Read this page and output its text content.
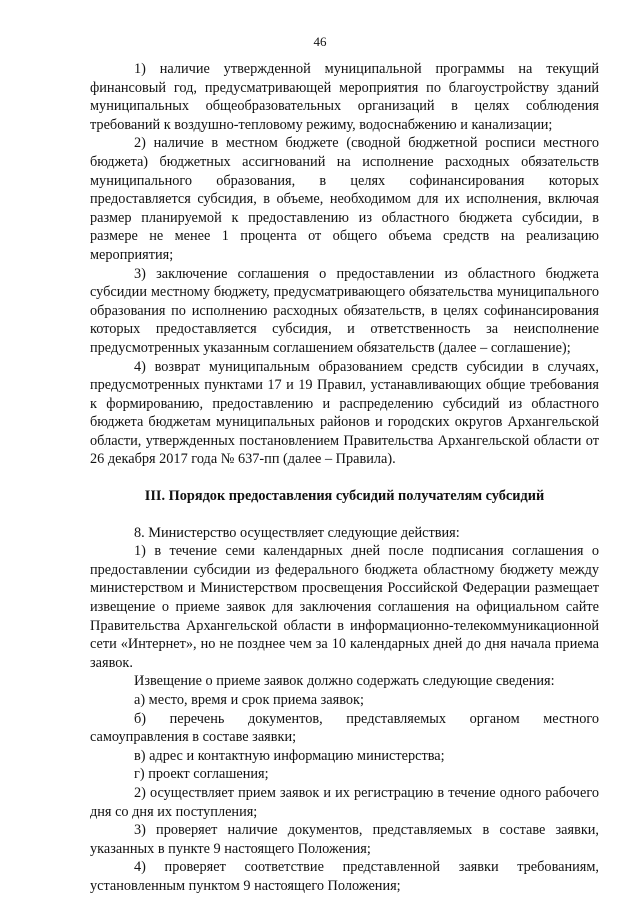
46

1) наличие утвержденной муниципальной программы на текущий финансовый год, предусматривающей мероприятия по благоустройству зданий муниципальных общеобразовательных организаций в целях соблюдения требований к воздушно-тепловому режиму, водоснабжению и канализации;

2) наличие в местном бюджете (сводной бюджетной росписи местного бюджета) бюджетных ассигнований на исполнение расходных обязательств муниципального образования, в целях софинансирования которых предоставляется субсидия, в объеме, необходимом для их исполнения, включая размер планируемой к предоставлению из областного бюджета субсидии, в размере не менее 1 процента от общего объема средств на реализацию мероприятия;

3) заключение соглашения о предоставлении из областного бюджета субсидии местному бюджету, предусматривающего обязательства муниципального образования по исполнению расходных обязательств, в целях софинансирования которых предоставляется субсидия, и ответственность за неисполнение предусмотренных указанным соглашением обязательств (далее – соглашение);

4) возврат муниципальным образованием средств субсидии в случаях, предусмотренных пунктами 17 и 19 Правил, устанавливающих общие требования к формированию, предоставлению и распределению субсидий из областного бюджета бюджетам муниципальных районов и городских округов Архангельской области, утвержденных постановлением Правительства Архангельской области от 26 декабря 2017 года № 637-пп (далее – Правила).

III. Порядок предоставления субсидий получателям субсидий

8. Министерство осуществляет следующие действия:

1) в течение семи календарных дней после подписания соглашения о предоставлении субсидии из федерального бюджета областному бюджету между министерством и Министерством просвещения Российской Федерации размещает извещение о приеме заявок для заключения соглашения на официальном сайте Правительства Архангельской области в информационно-телекоммуникационной сети «Интернет», но не позднее чем за 10 календарных дней до дня начала приема заявок.

Извещение о приеме заявок должно содержать следующие сведения:

а) место, время и срок приема заявок;

б) перечень документов, представляемых органом местного самоуправления в составе заявки;

в) адрес и контактную информацию министерства;

г) проект соглашения;

2) осуществляет прием заявок и их регистрацию в течение одного рабочего дня со дня их поступления;

3) проверяет наличие документов, представляемых в составе заявки, указанных в пункте 9 настоящего Положения;

4) проверяет соответствие представленной заявки требованиям, установленным пунктом 9 настоящего Положения;
